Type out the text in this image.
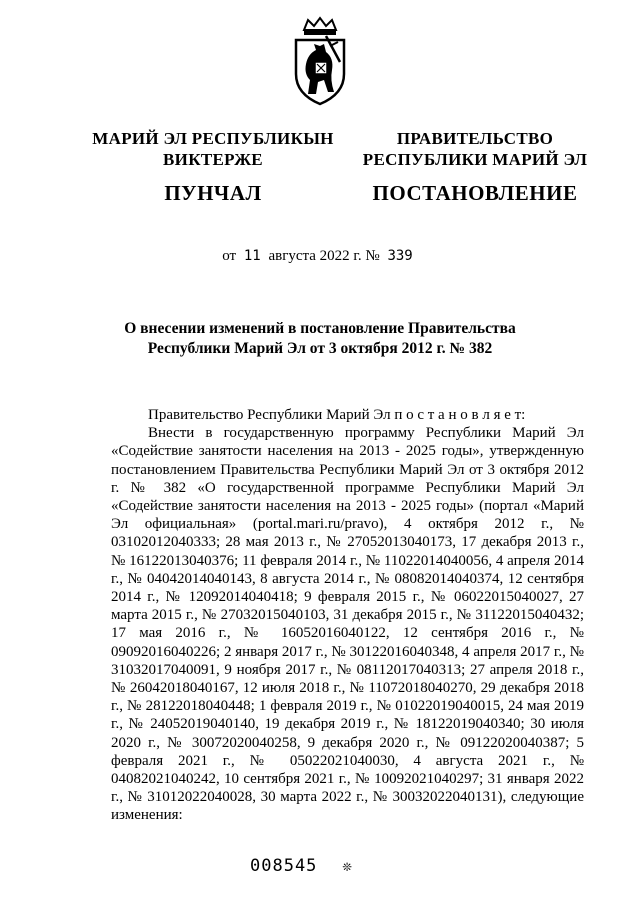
МАРИЙ ЭЛ РЕСПУБЛИКЫН
ВИКТЕРЖЕ
ПУНЧАЛ
ПРАВИТЕЛЬСТВО
РЕСПУБЛИКИ МАРИЙ ЭЛ
ПОСТАНОВЛЕНИЕ
от 11 августа 2022 г. № 339
О внесении изменений в постановление Правительства
Республики Марий Эл от 3 октября 2012 г. № 382

Правительство Республики Марий Эл п о с т а н о в л я е т:

Внести в государственную программу Республики Марий Эл «Содействие занятости населения на 2013 - 2025 годы», утвержденную постановлением Правительства Республики Марий Эл от 3 октября 2012 г. № 382 «О государственной программе Республики Марий Эл «Содействие занятости населения на 2013 - 2025 годы» (портал «Марий Эл официальная» (portal.mari.ru/pravo), 4 октября 2012 г., № 03102012040333; 28 мая 2013 г., № 27052013040173, 17 декабря 2013 г., № 16122013040376; 11 февраля 2014 г., № 11022014040056, 4 апреля 2014 г., № 04042014040143, 8 августа 2014 г., № 08082014040374, 12 сентября 2014 г., № 12092014040418; 9 февраля 2015 г., № 06022015040027, 27 марта 2015 г., № 27032015040103, 31 декабря 2015 г., № 31122015040432; 17 мая 2016 г., № 16052016040122, 12 сентября 2016 г., № 09092016040226; 2 января 2017 г., № 30122016040348, 4 апреля 2017 г., № 31032017040091, 9 ноября 2017 г., № 08112017040313; 27 апреля 2018 г., № 26042018040167, 12 июля 2018 г., № 11072018040270, 29 декабря 2018 г., № 28122018040448; 1 февраля 2019 г., № 01022019040015, 24 мая 2019 г., № 24052019040140, 19 декабря 2019 г., № 18122019040340; 30 июля 2020 г., № 30072020040258, 9 декабря 2020 г., № 09122020040387; 5 февраля 2021 г., № 05022021040030, 4 августа 2021 г., № 04082021040242, 10 сентября 2021 г., № 10092021040297; 31 января 2022 г., № 31012022040028, 30 марта 2022 г., № 30032022040131), следующие изменения:

008545 ❊
